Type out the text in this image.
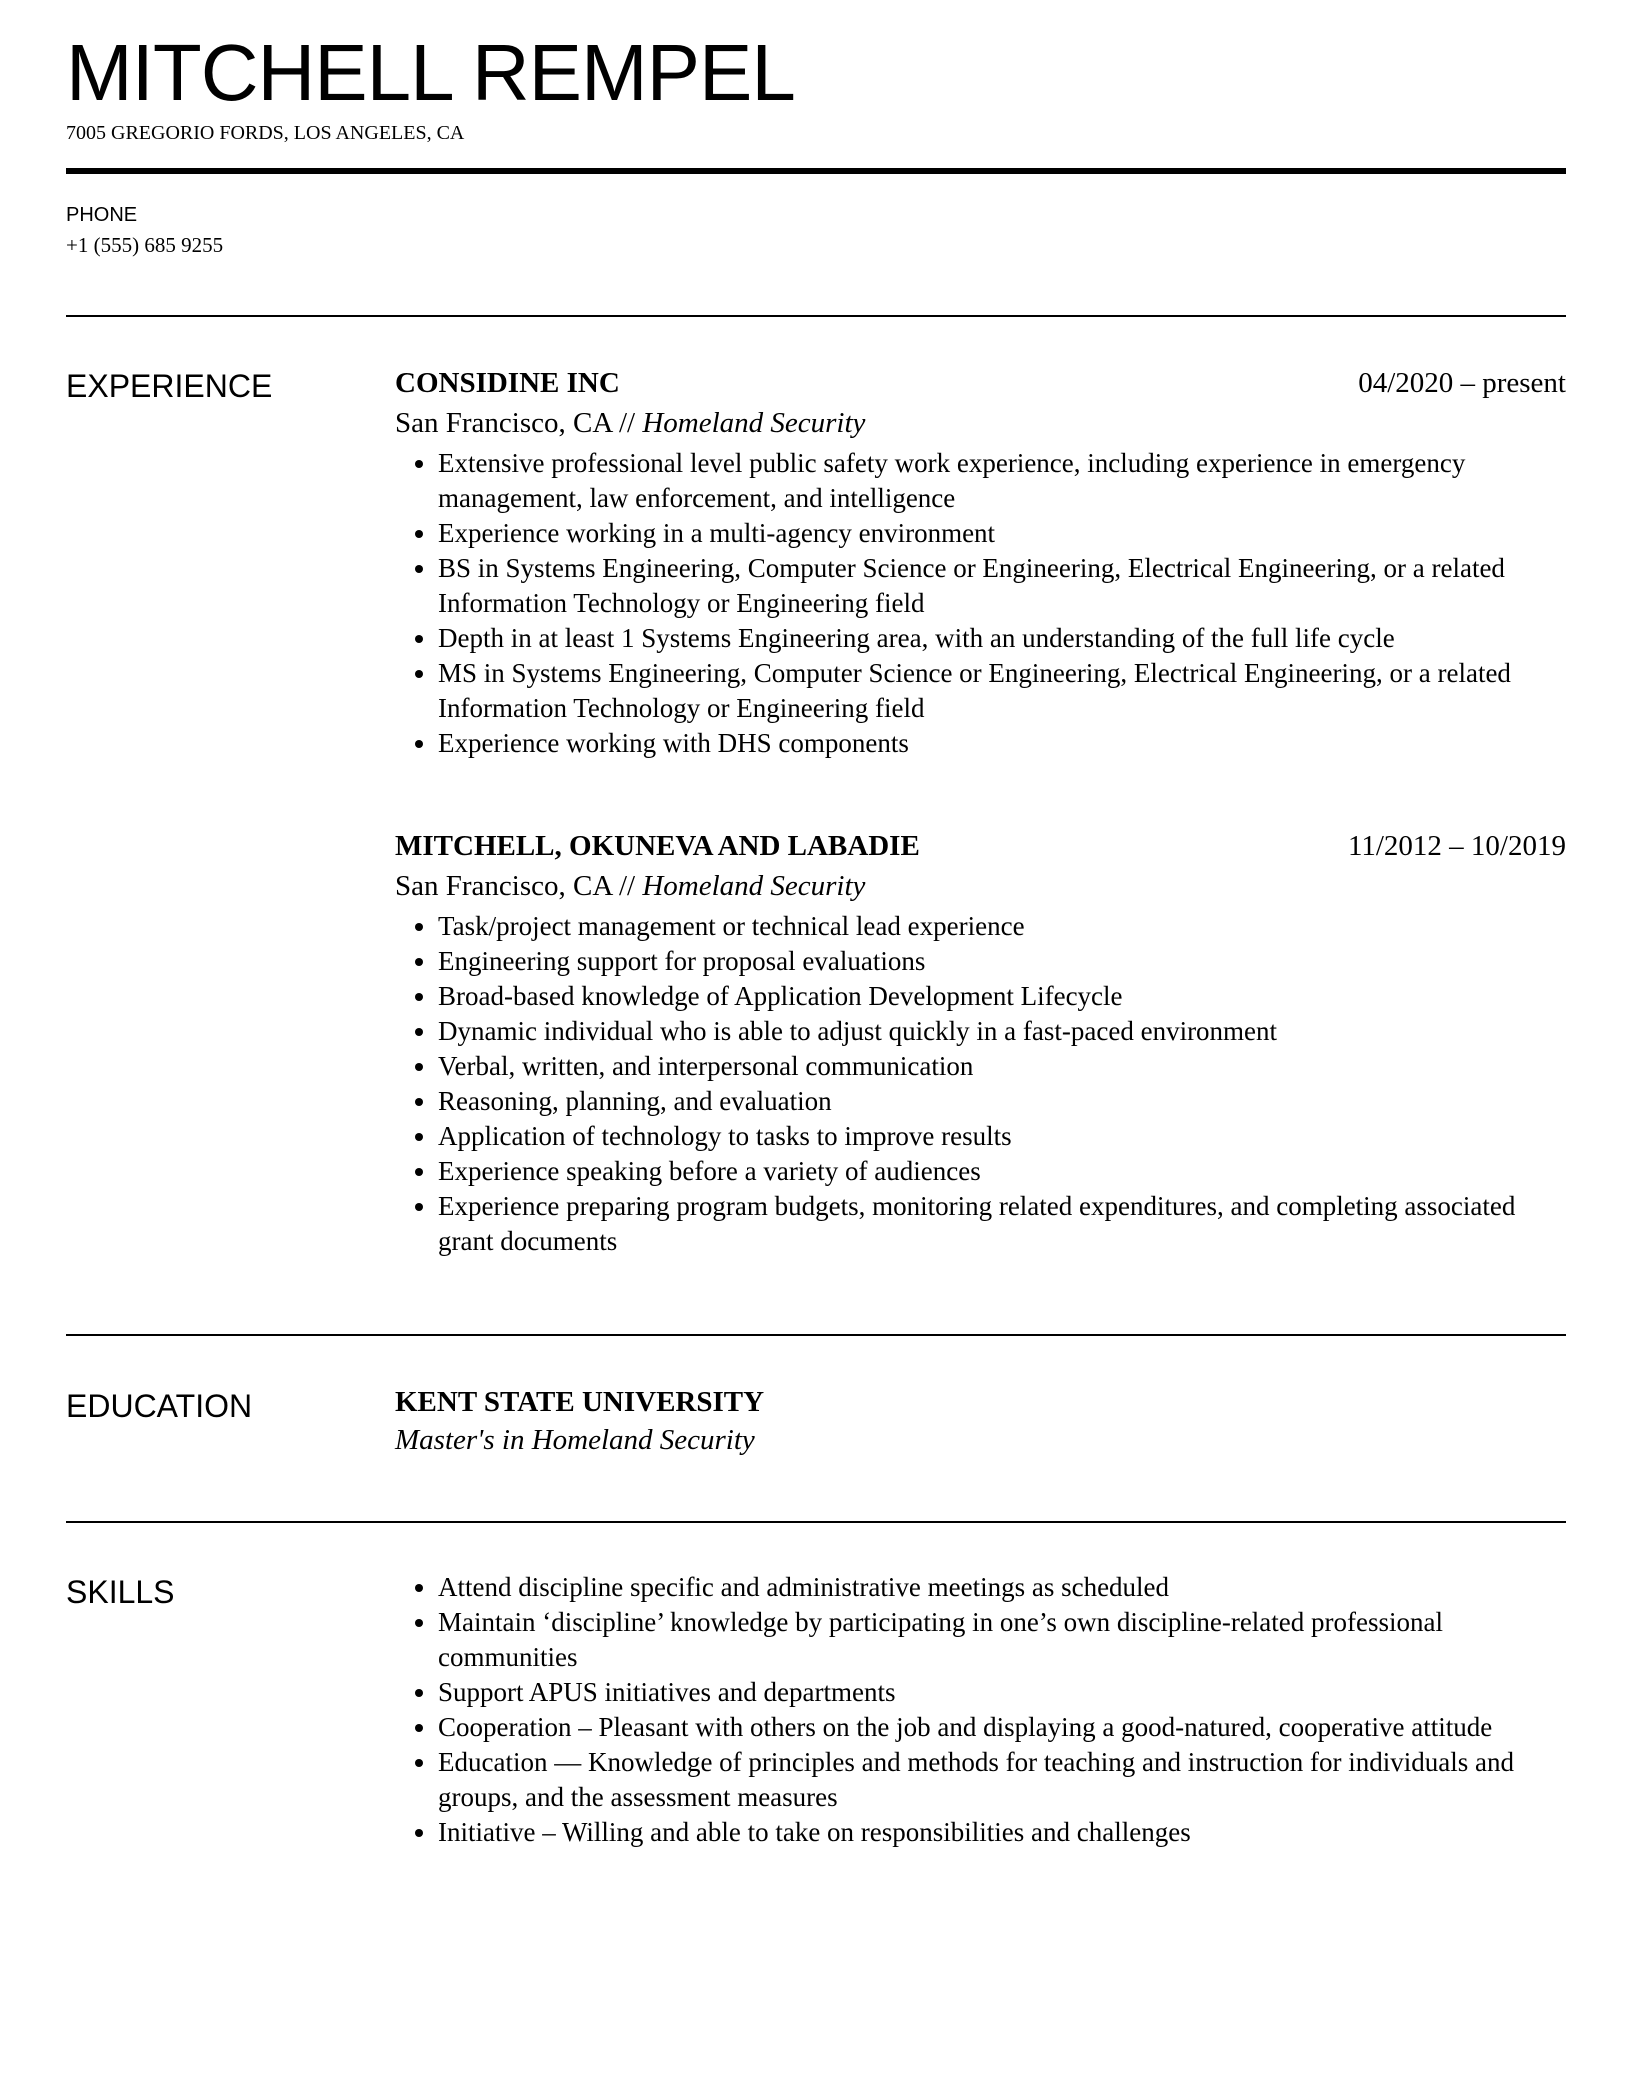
MITCHELL REMPEL
7005 GREGORIO FORDS, LOS ANGELES, CA
PHONE
+1 (555) 685 9255
EXPERIENCE	CONSIDINE INC	04/2020 – present
San Francisco, CA // Homeland Security
• Extensive professional level public safety work experience, including experience in emergency management, law enforcement, and intelligence
• Experience working in a multi-agency environment
• BS in Systems Engineering, Computer Science or Engineering, Electrical Engineering, or a related Information Technology or Engineering field
• Depth in at least 1 Systems Engineering area, with an understanding of the full life cycle
• MS in Systems Engineering, Computer Science or Engineering, Electrical Engineering, or a related Information Technology or Engineering field
• Experience working with DHS components
MITCHELL, OKUNEVA AND LABADIE	11/2012 – 10/2019
San Francisco, CA // Homeland Security
• Task/project management or technical lead experience
• Engineering support for proposal evaluations
• Broad-based knowledge of Application Development Lifecycle
• Dynamic individual who is able to adjust quickly in a fast-paced environment
• Verbal, written, and interpersonal communication
• Reasoning, planning, and evaluation
• Application of technology to tasks to improve results
• Experience speaking before a variety of audiences
• Experience preparing program budgets, monitoring related expenditures, and completing associated grant documents
EDUCATION	KENT STATE UNIVERSITY
Master's in Homeland Security
SKILLS
•	Attend discipline specific and administrative meetings as scheduled
• Maintain ‘discipline’ knowledge by participating in one’s own discipline-related professional communities
• Support APUS initiatives and departments
• Cooperation – Pleasant with others on the job and displaying a good-natured, cooperative attitude
• Education — Knowledge of principles and methods for teaching and instruction for individuals and groups, and the assessment measures
• Initiative – Willing and able to take on responsibilities and challenges
